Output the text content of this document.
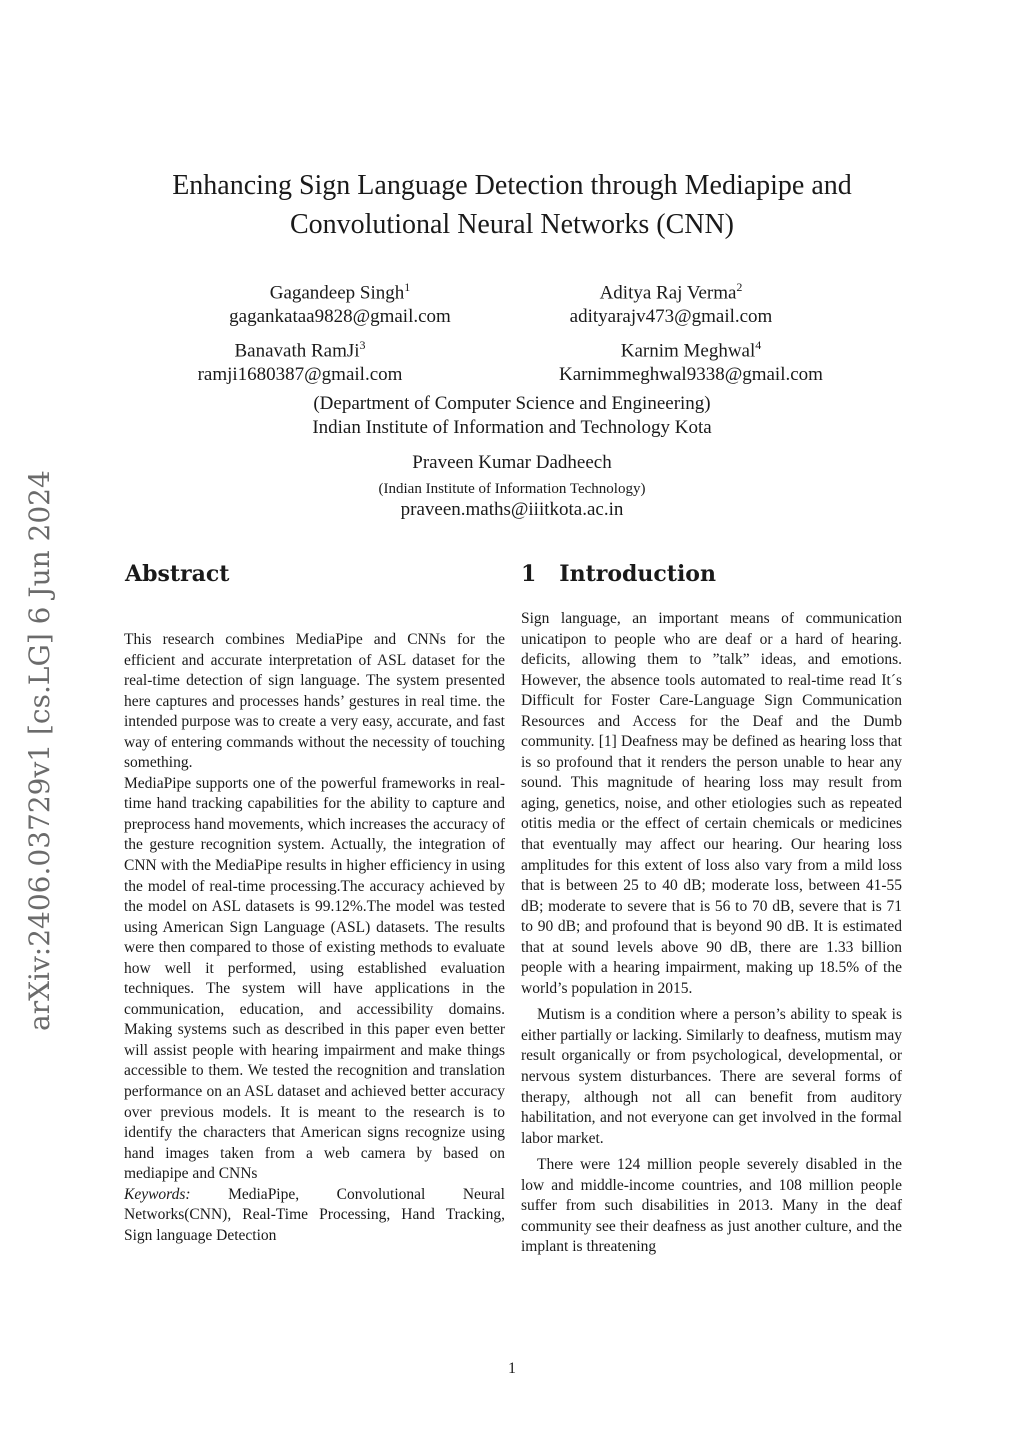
arXiv:2406.03729v1 [cs.LG] 6 Jun 2024
Enhancing Sign Language Detection through Mediapipe and Convolutional Neural Networks (CNN)
Gagandeep Singh$^1$
gagankataa9828@gmail.com
Aditya Raj Verma$^2$
adityarajv473@gmail.com
Banavath RamJi$^3$
ramji1680387@gmail.com
Karnim Meghwal$^4$
Karnimmeghwal9338@gmail.com
(Department of Computer Science and Engineering)
Indian Institute of Information and Technology Kota
Praveen Kumar Dadheech
(Indian Institute of Information Technology)
praveen.maths@iiitkota.ac.in
Abstract	1 Introduction

This research combines MediaPipe and CNNs for the efficient and accurate interpretation of ASL dataset for the real-time detection of sign language. The system presented here captures and processes hands’ gestures in real time. the intended purpose was to create a very easy, accurate, and fast way of entering commands without the necessity of touching something.

MediaPipe supports one of the powerful frameworks in real-time hand tracking capabilities for the ability to capture and preprocess hand movements, which increases the accuracy of the gesture recognition system. Actually, the integration of CNN with the MediaPipe results in higher efficiency in using the model of real-time processing.The accuracy achieved by the model on ASL datasets is 99.12%.The model was tested using American Sign Language (ASL) datasets. The results were then compared to those of existing methods to evaluate how well it performed, using established evaluation techniques. The system will have applications in the communication, education, and accessibility domains. Making systems such as described in this paper even better will assist people with hearing impairment and make things accessible to them. We tested the recognition and translation performance on an ASL dataset and achieved better accuracy over previous models. It is meant to the research is to identify the characters that American signs recognize using hand images taken from a web camera by based on mediapipe and CNNs

Keywords: MediaPipe, Convolutional Neural Networks(CNN), Real-Time Processing, Hand Tracking, Sign language Detection

Sign language, an important means of communication unicatipon to people who are deaf or a hard of hearing. deficits, allowing them to ”talk” ideas, and emotions. However, the absence tools automated to real-time read It´s Difficult for Foster Care-Language Sign Communication Resources and Access for the Deaf and the Dumb community. [1] Deafness may be defined as hearing loss that is so profound that it renders the person unable to hear any sound. This magnitude of hearing loss may result from aging, genetics, noise, and other etiologies such as repeated otitis media or the effect of certain chemicals or medicines that eventually may affect our hearing. Our hearing loss amplitudes for this extent of loss also vary from a mild loss that is between 25 to 40 dB; moderate loss, between 41-55 dB; moderate to severe that is 56 to 70 dB, severe that is 71 to 90 dB; and profound that is beyond 90 dB. It is estimated that at sound levels above 90 dB, there are 1.33 billion people with a hearing impairment, making up 18.5% of the world’s population in 2015.

Mutism is a condition where a person’s ability to speak is either partially or lacking. Similarly to deafness, mutism may result organically or from psychological, developmental, or nervous system disturbances. There are several forms of therapy, although not all can benefit from auditory habilitation, and not everyone can get involved in the formal labor market.

There were 124 million people severely disabled in the low and middle-income countries, and 108 million people suffer from such disabilities in 2013. Many in the deaf community see their deafness as just another culture, and the implant is threatening

1
